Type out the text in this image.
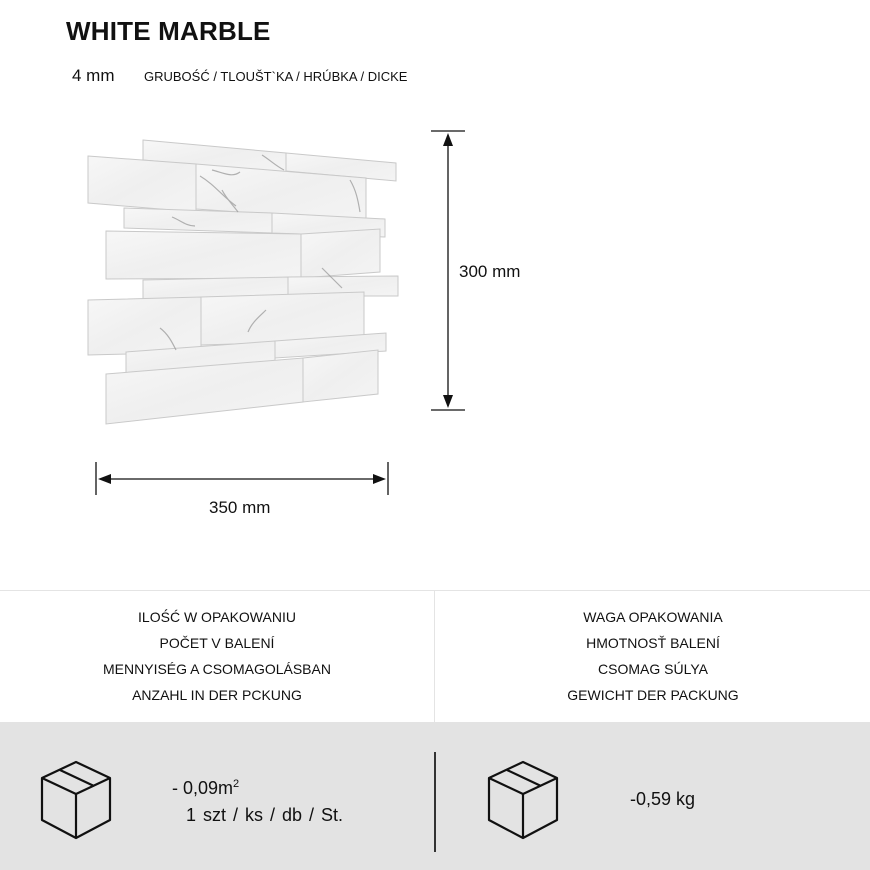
WHITE MARBLE
4 mm GRUBOŚĆ / TLOUŠT`KA / HRÚBKA / DICKE
300 mm
350 mm
ILOŚĆ W OPAKOWANIU
POČET V BALENÍ
MENNYISÉG A CSOMAGOLÁSBAN
ANZAHL IN DER PCKUNG
WAGA OPAKOWANIA
HMOTNOSŤ BALENÍ
CSOMAG SÚLYA
GEWICHT DER PACKUNG
- $0,09m^2$
1 szt / ks / db / St.
-0,59 kg
